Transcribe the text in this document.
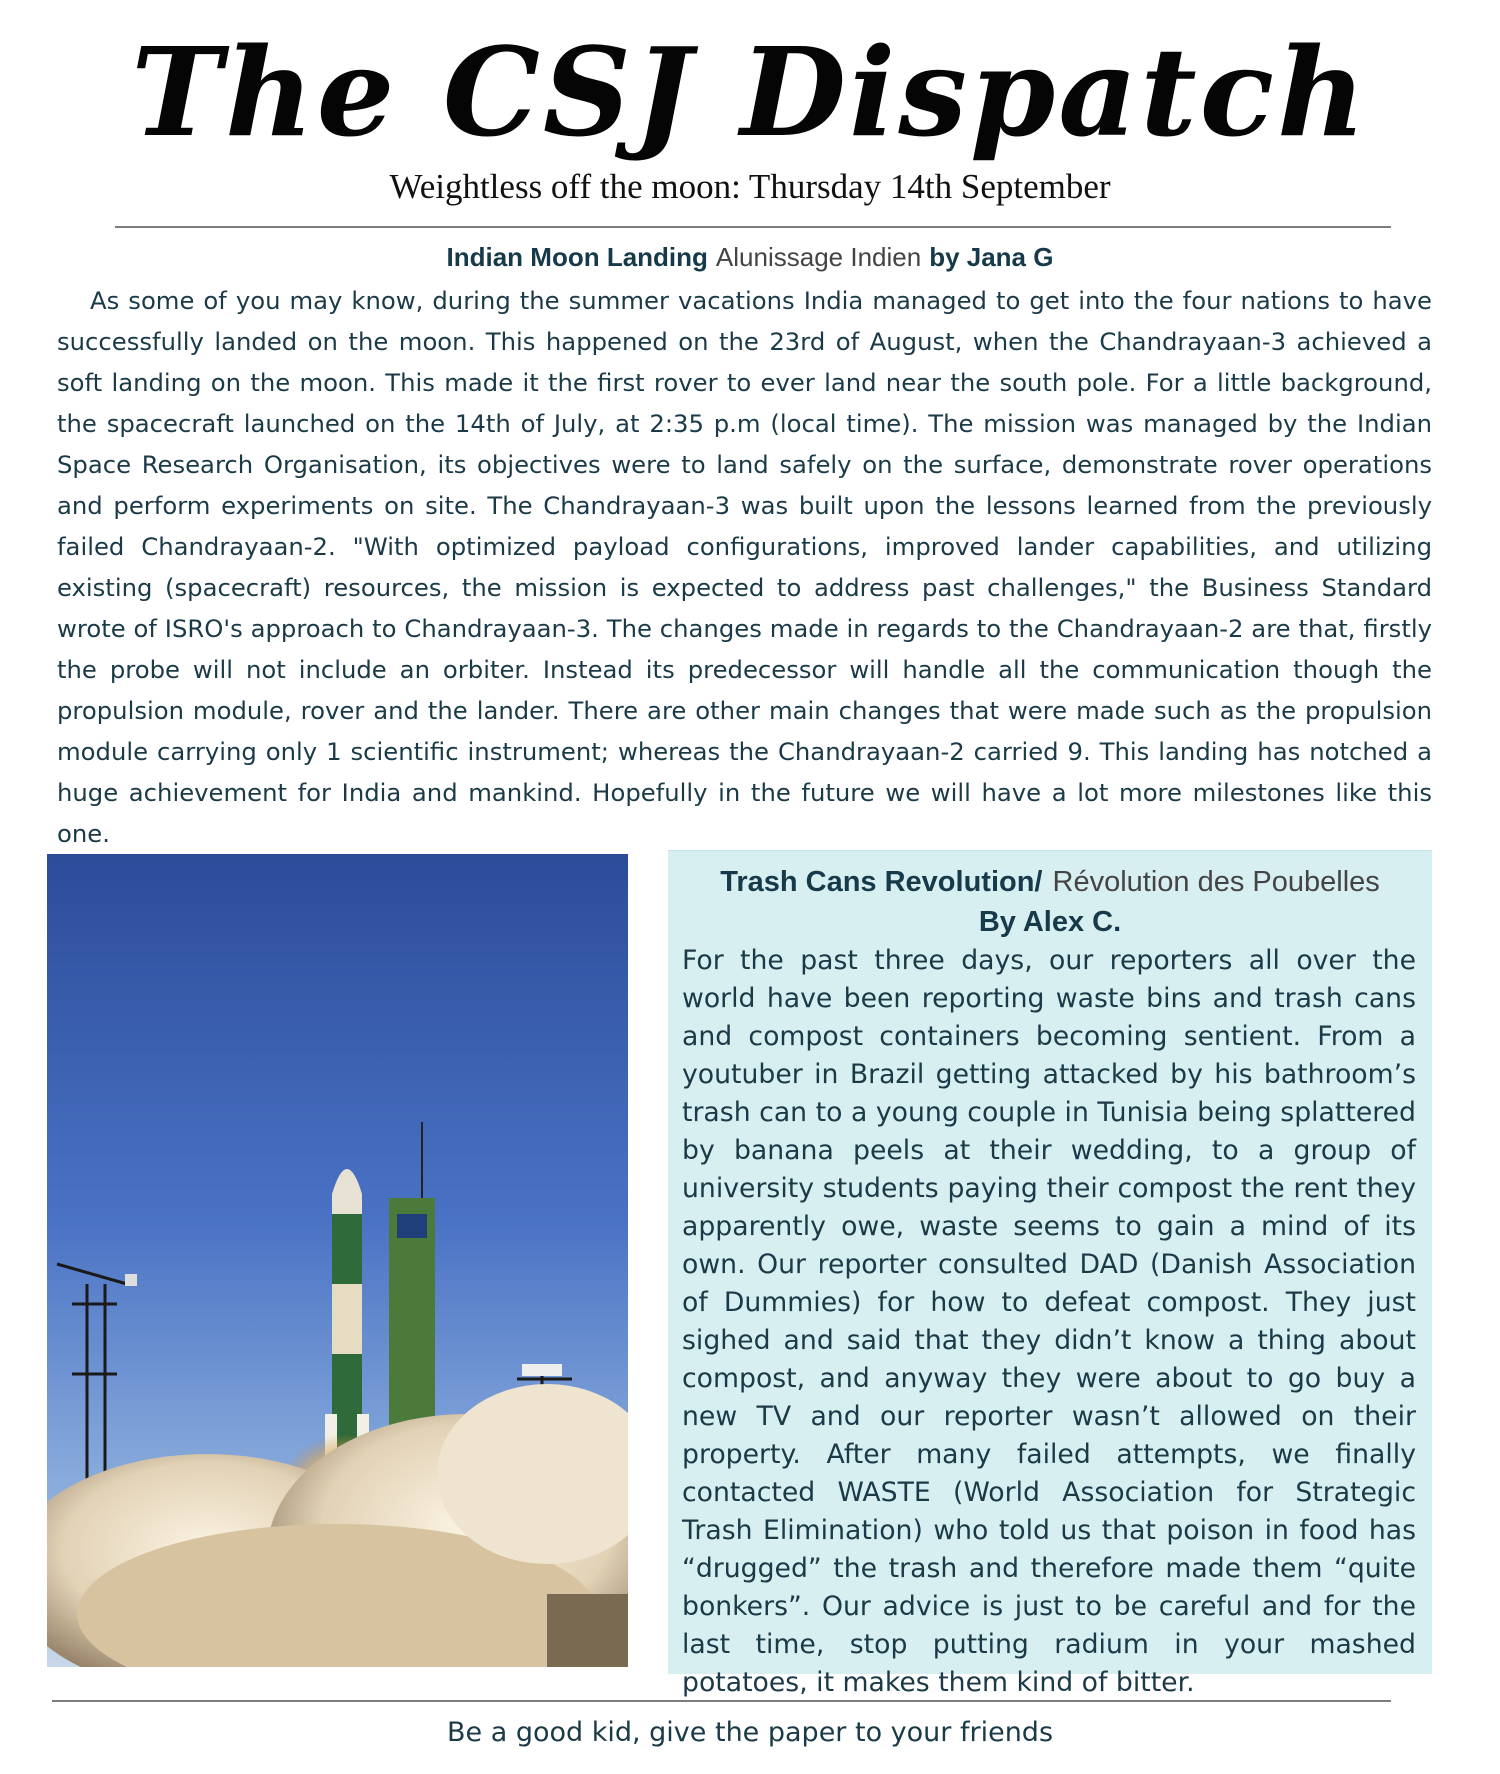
The CSJ Dispatch
Weightless off the moon: Thursday 14th September
Indian Moon Landing Alunissage Indien by Jana G

As some of you may know, during the summer vacations India managed to get into the four nations to have successfully landed on the moon. This happened on the 23rd of August, when the Chandrayaan-3 achieved a soft landing on the moon. This made it the first rover to ever land near the south pole. For a little background, the spacecraft launched on the 14th of July, at 2:35 p.m (local time). The mission was managed by the Indian Space Research Organisation, its objectives were to land safely on the surface, demonstrate rover operations and perform experiments on site. The Chandrayaan-3 was built upon the lessons learned from the previously failed Chandrayaan-2. "With optimized payload configurations, improved lander capabilities, and utilizing existing (spacecraft) resources, the mission is expected to address past challenges," the Business Standard wrote of ISRO's approach to Chandrayaan-3. The changes made in regards to the Chandrayaan-2 are that, firstly the probe will not include an orbiter. Instead its predecessor will handle all the communication though the propulsion module, rover and the lander. There are other main changes that were made such as the propulsion module carrying only 1 scientific instrument; whereas the Chandrayaan-2 carried 9. This landing has notched a huge achievement for India and mankind. Hopefully in the future we will have a lot more milestones like this one.

Trash Cans Revolution/ Révolution des Poubelles
By Alex C.

For the past three days, our reporters all over the world have been reporting waste bins and trash cans and compost containers becoming sentient. From a youtuber in Brazil getting attacked by his bathroom’s trash can to a young couple in Tunisia being splattered by banana peels at their wedding, to a group of university students paying their compost the rent they apparently owe, waste seems to gain a mind of its own. Our reporter consulted DAD (Danish Association of Dummies) for how to defeat compost. They just sighed and said that they didn’t know a thing about compost, and anyway they were about to go buy a new TV and our reporter wasn’t allowed on their property. After many failed attempts, we finally contacted WASTE (World Association for Strategic Trash Elimination) who told us that poison in food has “drugged” the trash and therefore made them “quite bonkers”. Our advice is just to be careful and for the last time, stop putting radium in your mashed potatoes, it makes them kind of bitter.

Be a good kid, give the paper to your friends
